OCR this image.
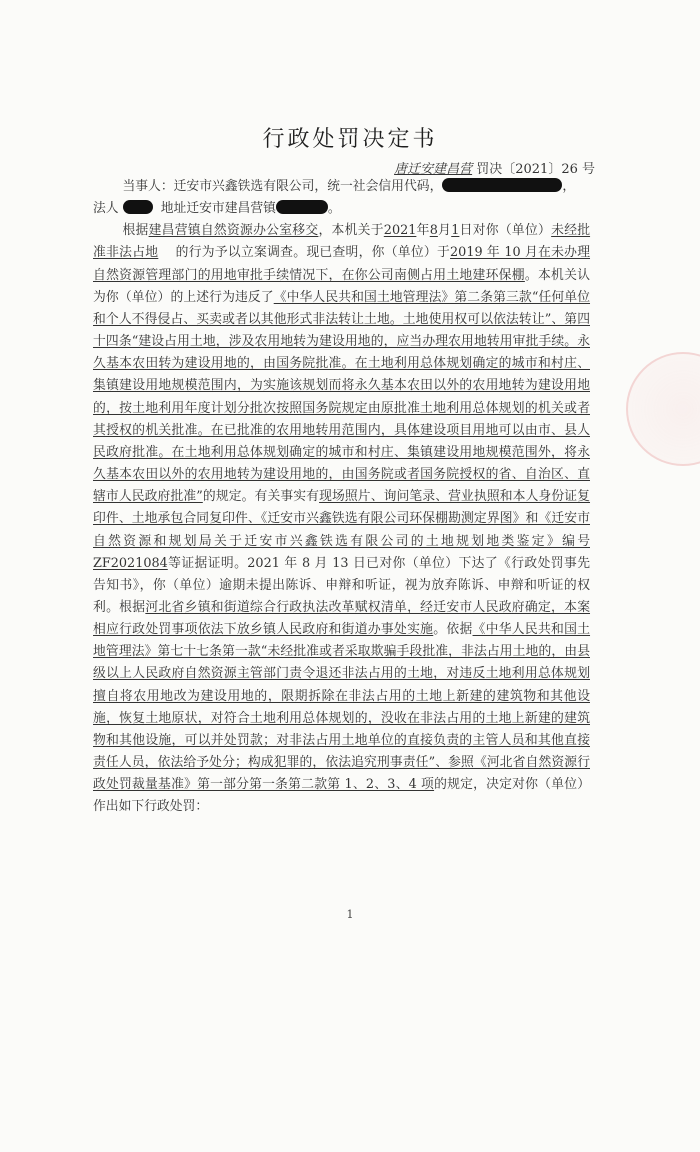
行政处罚决定书
唐迁安建昌营 罚决〔2021〕26 号

当事人：迁安市兴鑫铁选有限公司，统一社会信用代码，	，
法人	地址迁安市建昌营镇	。

根据建昌营镇自然资源办公室移交，本机关于2021年8月1日对你（单位）未经批准非法占地 的行为予以立案调查。现已查明，你（单位）于2019 年 10 月在未办理自然资源管理部门的用地审批手续情况下，在你公司南侧占用土地建环保棚。本机关认为你（单位）的上述行为违反了《中华人民共和国土地管理法》第二条第三款“任何单位和个人不得侵占、买卖或者以其他形式非法转让土地。土地使用权可以依法转让”、第四十四条“建设占用土地，涉及农用地转为建设用地的，应当办理农用地转用审批手续。永久基本农田转为建设用地的，由国务院批准。在土地利用总体规划确定的城市和村庄、集镇建设用地规模范围内，为实施该规划而将永久基本农田以外的农用地转为建设用地的，按土地利用年度计划分批次按照国务院规定由原批准土地利用总体规划的机关或者其授权的机关批准。在已批准的农用地转用范围内，具体建设项目用地可以由市、县人民政府批准。在土地利用总体规划确定的城市和村庄、集镇建设用地规模范围外，将永久基本农田以外的农用地转为建设用地的，由国务院或者国务院授权的省、自治区、直辖市人民政府批准”的规定。有关事实有现场照片、询问笔录、营业执照和本人身份证复印件、土地承包合同复印件、《迁安市兴鑫铁选有限公司环保棚勘测定界图》和《迁安市自然资源和规划局关于迁安市兴鑫铁选有限公司的土地规划地类鉴定》编号 ZF2021084等证据证明。2021 年 8 月 13 日已对你（单位）下达了《行政处罚事先告知书》，你（单位）逾期未提出陈诉、申辩和听证，视为放弃陈诉、申辩和听证的权利。根据河北省乡镇和街道综合行政执法改革赋权清单，经迁安市人民政府确定，本案相应行政处罚事项依法下放乡镇人民政府和街道办事处实施。依据《中华人民共和国土地管理法》第七十七条第一款“未经批准或者采取欺骗手段批准，非法占用土地的，由县级以上人民政府自然资源主管部门责令退还非法占用的土地，对违反土地利用总体规划擅自将农用地改为建设用地的，限期拆除在非法占用的土地上新建的建筑物和其他设施，恢复土地原状，对符合土地利用总体规划的，没收在非法占用的土地上新建的建筑物和其他设施，可以并处罚款；对非法占用土地单位的直接负责的主管人员和其他直接责任人员，依法给予处分；构成犯罪的，依法追究刑事责任”、参照《河北省自然资源行政处罚裁量基准》第一部分第一条第二款第 1、2、3、4 项的规定，决定对你（单位）作出如下行政处罚：

1
